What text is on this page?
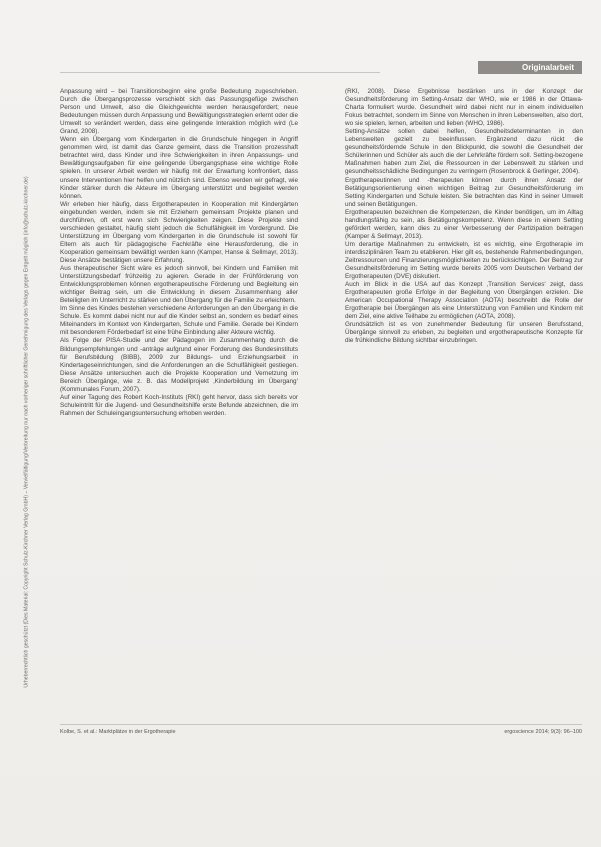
Originalarbeit
Urheberrechtlich geschützt (Dies Material: Copyright Schulz-Kirchner Verlag GmbH) – Vervielfältigung/Verbreitung nur nach vorheriger schriftlicher Genehmigung des Verlags gegen Entgelt möglich (info@schulz-kirchner.de)

Anpassung wird – bei Transitionsbeginn eine große Bedeutung zugeschrieben. Durch die Übergangsprozesse verschiebt sich das Passungsgefüge zwischen Person und Umwelt, also die Gleichgewichte werden herausgefordert; neue Bedeutungen müssen durch Anpassung und Bewältigungsstrategien erlernt oder die Umwelt so verändert werden, dass eine gelingende Interaktion möglich wird (Le Grand, 2008).

Wenn ein Übergang vom Kindergarten in die Grundschule hingegen in Angriff genommen wird, ist damit das Ganze gemeint, dass die Transition prozesshaft betrachtet wird, dass Kinder und ihre Schwierigkeiten in ihren Anpassungs- und Bewältigungsaufgaben für eine gelingende Übergangsphase eine wichtige Rolle spielen. In unserer Arbeit werden wir häufig mit der Erwartung konfrontiert, dass unsere Interventionen hier helfen und nützlich sind. Ebenso werden wir gefragt, wie Kinder stärker durch die Akteure im Übergang unterstützt und begleitet werden können.

Wir erleben hier häufig, dass Ergotherapeuten in Kooperation mit Kindergärten eingebunden werden, indem sie mit Erziehern gemeinsam Projekte planen und durchführen, oft erst wenn sich Schwierigkeiten zeigen. Diese Projekte sind verschieden gestaltet, häufig steht jedoch die Schulfähigkeit im Vordergrund. Die Unterstützung im Übergang vom Kindergarten in die Grundschule ist sowohl für Eltern als auch für pädagogische Fachkräfte eine Herausforderung, die in Kooperation gemeinsam bewältigt werden kann (Kamper, Hanse & Sellmayr, 2013). Diese Ansätze bestätigen unsere Erfahrung.

Aus therapeutischer Sicht wäre es jedoch sinnvoll, bei Kindern und Familien mit Unterstützungsbedarf frühzeitig zu agieren. Gerade in der Frühförderung von Entwicklungsproblemen können ergotherapeutische Förderung und Begleitung ein wichtiger Beitrag sein, um die Entwicklung in diesem Zusammenhang aller Beteiligten im Unterricht zu stärken und den Übergang für die Familie zu erleichtern.

Im Sinne des Kindes bestehen verschiedene Anforderungen an den Übergang in die Schule. Es kommt dabei nicht nur auf die Kinder selbst an, sondern es bedarf eines Miteinanders im Kontext von Kindergarten, Schule und Familie. Gerade bei Kindern mit besonderem Förderbedarf ist eine frühe Einbindung aller Akteure wichtig.

Als Folge der PISA-Studie und der Pädagogen im Zusammenhang durch die Bildungsempfehlungen und -anträge aufgrund einer Forderung des Bundesinstituts für Berufsbildung (BIBB), 2009 zur Bildungs- und Erziehungsarbeit in Kindertageseinrichtungen, sind die Anforderungen an die Schulfähigkeit gestiegen. Diese Ansätze untersuchen auch die Projekte Kooperation und Vernetzung im Bereich Übergänge, wie z. B. das Modellprojekt ‚Kinderbildung im Übergang‘ (Kommunales Forum, 2007).

Auf einer Tagung des Robert Koch-Instituts (RKI) geht hervor, dass sich bereits vor Schuleintritt für die Jugend- und Gesundheitshilfe erste Befunde abzeichnen, die im Rahmen der Schuleingangsuntersuchung erhoben werden.

(RKI, 2008). Diese Ergebnisse bestärken uns in der Konzept der Gesundheitsförderung im Setting-Ansatz der WHO, wie er 1986 in der Ottawa-Charta formuliert wurde. Gesundheit wird dabei nicht nur in einem individuellen Fokus betrachtet, sondern im Sinne von Menschen in ihren Lebenswelten, also dort, wo sie spielen, lernen, arbeiten und lieben (WHO, 1986).

Setting-Ansätze sollen dabei helfen, Gesundheitsdeterminanten in den Lebenswelten gezielt zu beeinflussen. Ergänzend dazu rückt die gesundheitsfördernde Schule in den Blickpunkt, die sowohl die Gesundheit der Schülerinnen und Schüler als auch die der Lehrkräfte fördern soll. Setting-bezogene Maßnahmen haben zum Ziel, die Ressourcen in der Lebenswelt zu stärken und gesundheitsschädliche Bedingungen zu verringern (Rosenbrock & Gerlinger, 2004).

Ergotherapeutinnen und -therapeuten können durch ihren Ansatz der Betätigungsorientierung einen wichtigen Beitrag zur Gesundheitsförderung im Setting Kindergarten und Schule leisten. Sie betrachten das Kind in seiner Umwelt und seinen Betätigungen.

Ergotherapeuten bezeichnen die Kompetenzen, die Kinder benötigen, um im Alltag handlungsfähig zu sein, als Betätigungskompetenz. Wenn diese in einem Setting gefördert werden, kann dies zu einer Verbesserung der Partizipation beitragen (Kamper & Sellmayr, 2013).

Um derartige Maßnahmen zu entwickeln, ist es wichtig, eine Ergotherapie im interdisziplinären Team zu etablieren. Hier gilt es, bestehende Rahmenbedingungen, Zeitressourcen und Finanzierungsmöglichkeiten zu berücksichtigen. Der Beitrag zur Gesundheitsförderung im Setting wurde bereits 2005 vom Deutschen Verband der Ergotherapeuten (DVE) diskutiert.

Auch im Blick in die USA auf das Konzept ‚Transition Services‘ zeigt, dass Ergotherapeuten große Erfolge in der Begleitung von Übergängen erzielen. Die American Occupational Therapy Association (AOTA) beschreibt die Rolle der Ergotherapie bei Übergängen als eine Unterstützung von Familien und Kindern mit dem Ziel, eine aktive Teilhabe zu ermöglichen (AOTA, 2008).

Grundsätzlich ist es von zunehmender Bedeutung für unseren Berufsstand, Übergänge sinnvoll zu erleben, zu begleiten und ergotherapeutische Konzepte für die frühkindliche Bildung sichtbar einzubringen.

Kolbe, S. et al.: Marktplätze in der Ergotherapie	ergoscience 2014; 9(3): 96–100
